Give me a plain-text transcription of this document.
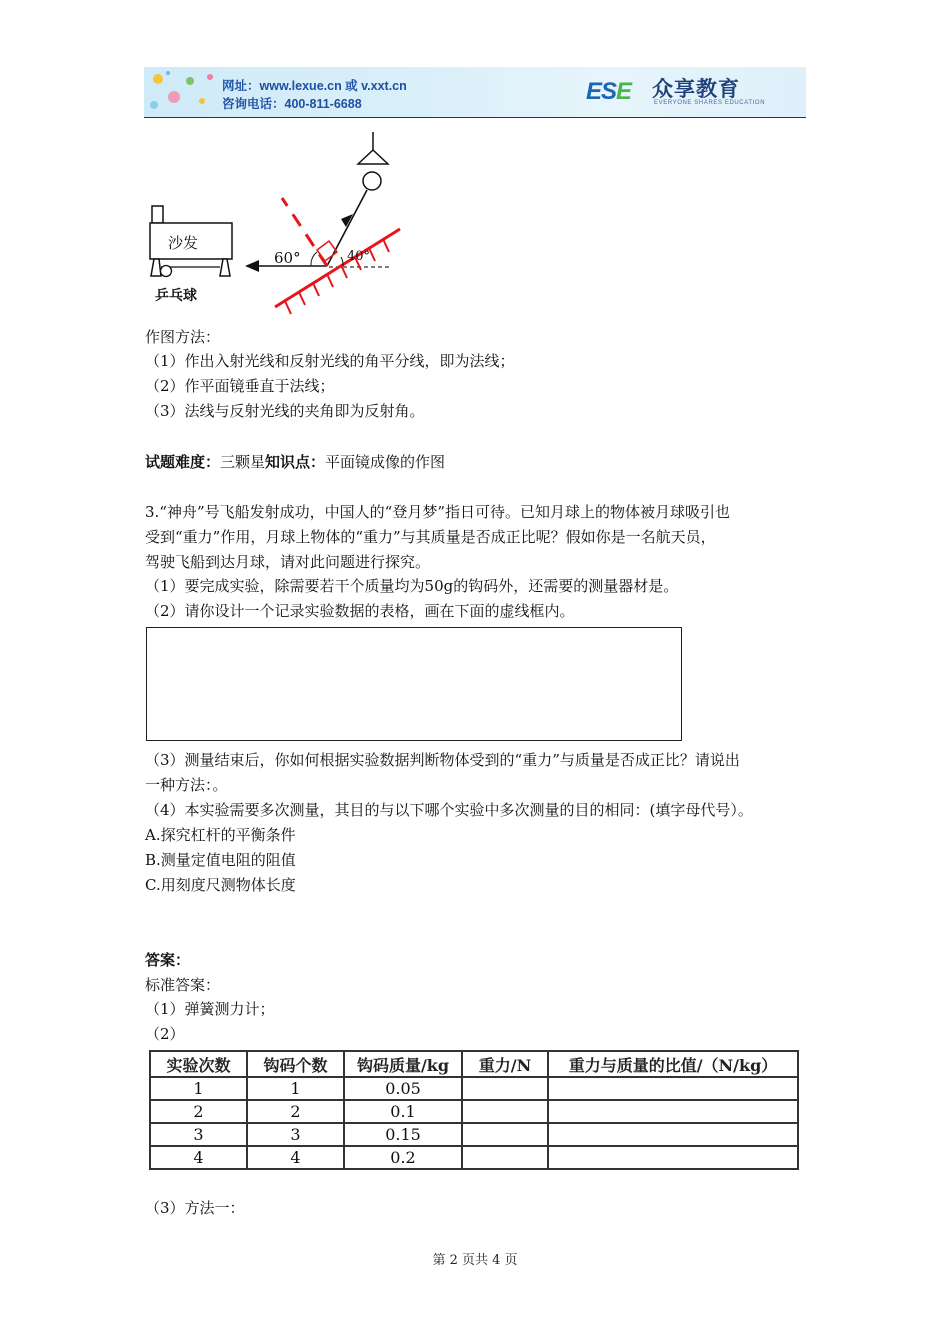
网址：www.lexue.cn 或 v.xxt.cn
咨询电话：400-811-6688	ESE 众享教育
EVERYONE SHARES EDUCATION
沙发
乒乓球
60°	40°
作图方法：
（1）作出入射光线和反射光线的角平分线，即为法线；
（2）作平面镜垂直于法线；
（3）法线与反射光线的夹角即为反射角。
试题难度：三颗星知识点：平面镜成像的作图
3.“神舟”号飞船发射成功，中国人的“登月梦”指日可待。已知月球上的物体被月球吸引也
受到“重力”作用，月球上物体的“重力”与其质量是否成正比呢？假如你是一名航天员，
驾驶飞船到达月球，请对此问题进行探究。
（1）要完成实验，除需要若干个质量均为50g的钩码外，还需要的测量器材是。
（2）请你设计一个记录实验数据的表格，画在下面的虚线框内。
（3）测量结束后，你如何根据实验数据判断物体受到的“重力”与质量是否成正比？请说出
一种方法：。
（4）本实验需要多次测量，其目的与以下哪个实验中多次测量的目的相同：(填字母代号）。
A.探究杠杆的平衡条件
B.测量定值电阻的阻值
C.用刻度尺测物体长度
答案：
标准答案：
（1）弹簧测力计；
（2）
实验次数	钩码个数	钩码质量/kg	重力/N	重力与质量的比值/（N/kg）
1	1	0.05		
2	2	0.1		
3	3	0.15		
4	4	0.2		
（3）方法一：
第 2 页共 4 页
